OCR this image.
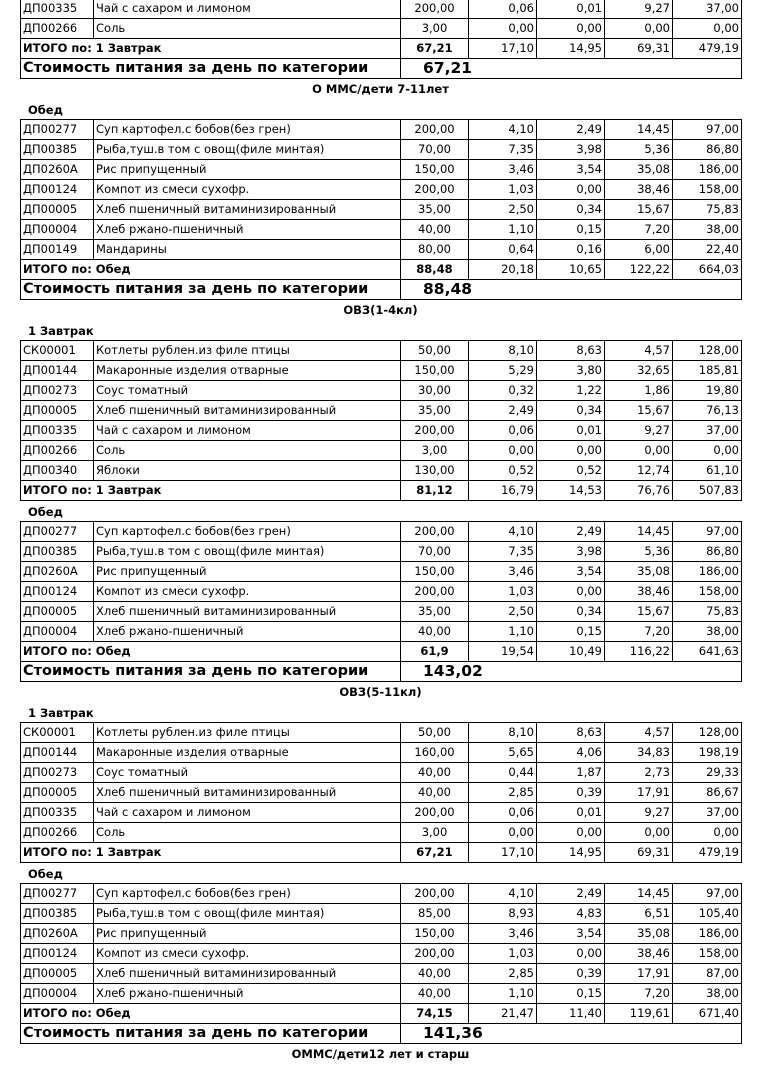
ДП00335	Чай с сахаром и лимоном	200,00	0,06	0,01	9,27	37,00
ДП00266	Соль	3,00	0,00	0,00	0,00	0,00
ИТОГО по: 1 Завтрак		67,21	17,10	14,95	69,31	479,19
Стоимость питания за день по категории		67,21				
О ММС/дети 7-11лет
Обед
ДП00277	Суп картофел.с бобов(без грен)	200,00	4,10	2,49	14,45	97,00
ДП00385	Рыба,туш.в том с овощ(филе минтая)	70,00	7,35	3,98	5,36	86,80
ДП0260А	Рис припущенный	150,00	3,46	3,54	35,08	186,00
ДП00124	Компот из смеси сухофр.	200,00	1,03	0,00	38,46	158,00
ДП00005	Хлеб пшеничный витаминизированный	35,00	2,50	0,34	15,67	75,83
ДП00004	Хлеб ржано-пшеничный	40,00	1,10	0,15	7,20	38,00
ДП00149	Мандарины	80,00	0,64	0,16	6,00	22,40
ИТОГО по: Обед		88,48	20,18	10,65	122,22	664,03
Стоимость питания за день по категории		88,48				
ОВЗ(1-4кл)
1 Завтрак
СК00001	Котлеты рублен.из филе птицы	50,00	8,10	8,63	4,57	128,00
ДП00144	Макаронные изделия отварные	150,00	5,29	3,80	32,65	185,81
ДП00273	Соус томатный	30,00	0,32	1,22	1,86	19,80
ДП00005	Хлеб пшеничный витаминизированный	35,00	2,49	0,34	15,67	76,13
ДП00335	Чай с сахаром и лимоном	200,00	0,06	0,01	9,27	37,00
ДП00266	Соль	3,00	0,00	0,00	0,00	0,00
ДП00340	Яблоки	130,00	0,52	0,52	12,74	61,10
ИТОГО по: 1 Завтрак		81,12	16,79	14,53	76,76	507,83
Обед
ДП00277	Суп картофел.с бобов(без грен)	200,00	4,10	2,49	14,45	97,00
ДП00385	Рыба,туш.в том с овощ(филе минтая)	70,00	7,35	3,98	5,36	86,80
ДП0260А	Рис припущенный	150,00	3,46	3,54	35,08	186,00
ДП00124	Компот из смеси сухофр.	200,00	1,03	0,00	38,46	158,00
ДП00005	Хлеб пшеничный витаминизированный	35,00	2,50	0,34	15,67	75,83
ДП00004	Хлеб ржано-пшеничный	40,00	1,10	0,15	7,20	38,00
ИТОГО по: Обед		61,9	19,54	10,49	116,22	641,63
Стоимость питания за день по категории		143,02				
ОВЗ(5-11кл)
1 Завтрак
СК00001	Котлеты рублен.из филе птицы	50,00	8,10	8,63	4,57	128,00
ДП00144	Макаронные изделия отварные	160,00	5,65	4,06	34,83	198,19
ДП00273	Соус томатный	40,00	0,44	1,87	2,73	29,33
ДП00005	Хлеб пшеничный витаминизированный	40,00	2,85	0,39	17,91	86,67
ДП00335	Чай с сахаром и лимоном	200,00	0,06	0,01	9,27	37,00
ДП00266	Соль	3,00	0,00	0,00	0,00	0,00
ИТОГО по: 1 Завтрак		67,21	17,10	14,95	69,31	479,19
Обед
ДП00277	Суп картофел.с бобов(без грен)	200,00	4,10	2,49	14,45	97,00
ДП00385	Рыба,туш.в том с овощ(филе минтая)	85,00	8,93	4,83	6,51	105,40
ДП0260А	Рис припущенный	150,00	3,46	3,54	35,08	186,00
ДП00124	Компот из смеси сухофр.	200,00	1,03	0,00	38,46	158,00
ДП00005	Хлеб пшеничный витаминизированный	40,00	2,85	0,39	17,91	87,00
ДП00004	Хлеб ржано-пшеничный	40,00	1,10	0,15	7,20	38,00
ИТОГО по: Обед		74,15	21,47	11,40	119,61	671,40
Стоимость питания за день по категории		141,36				
ОММС/дети12 лет и старш
